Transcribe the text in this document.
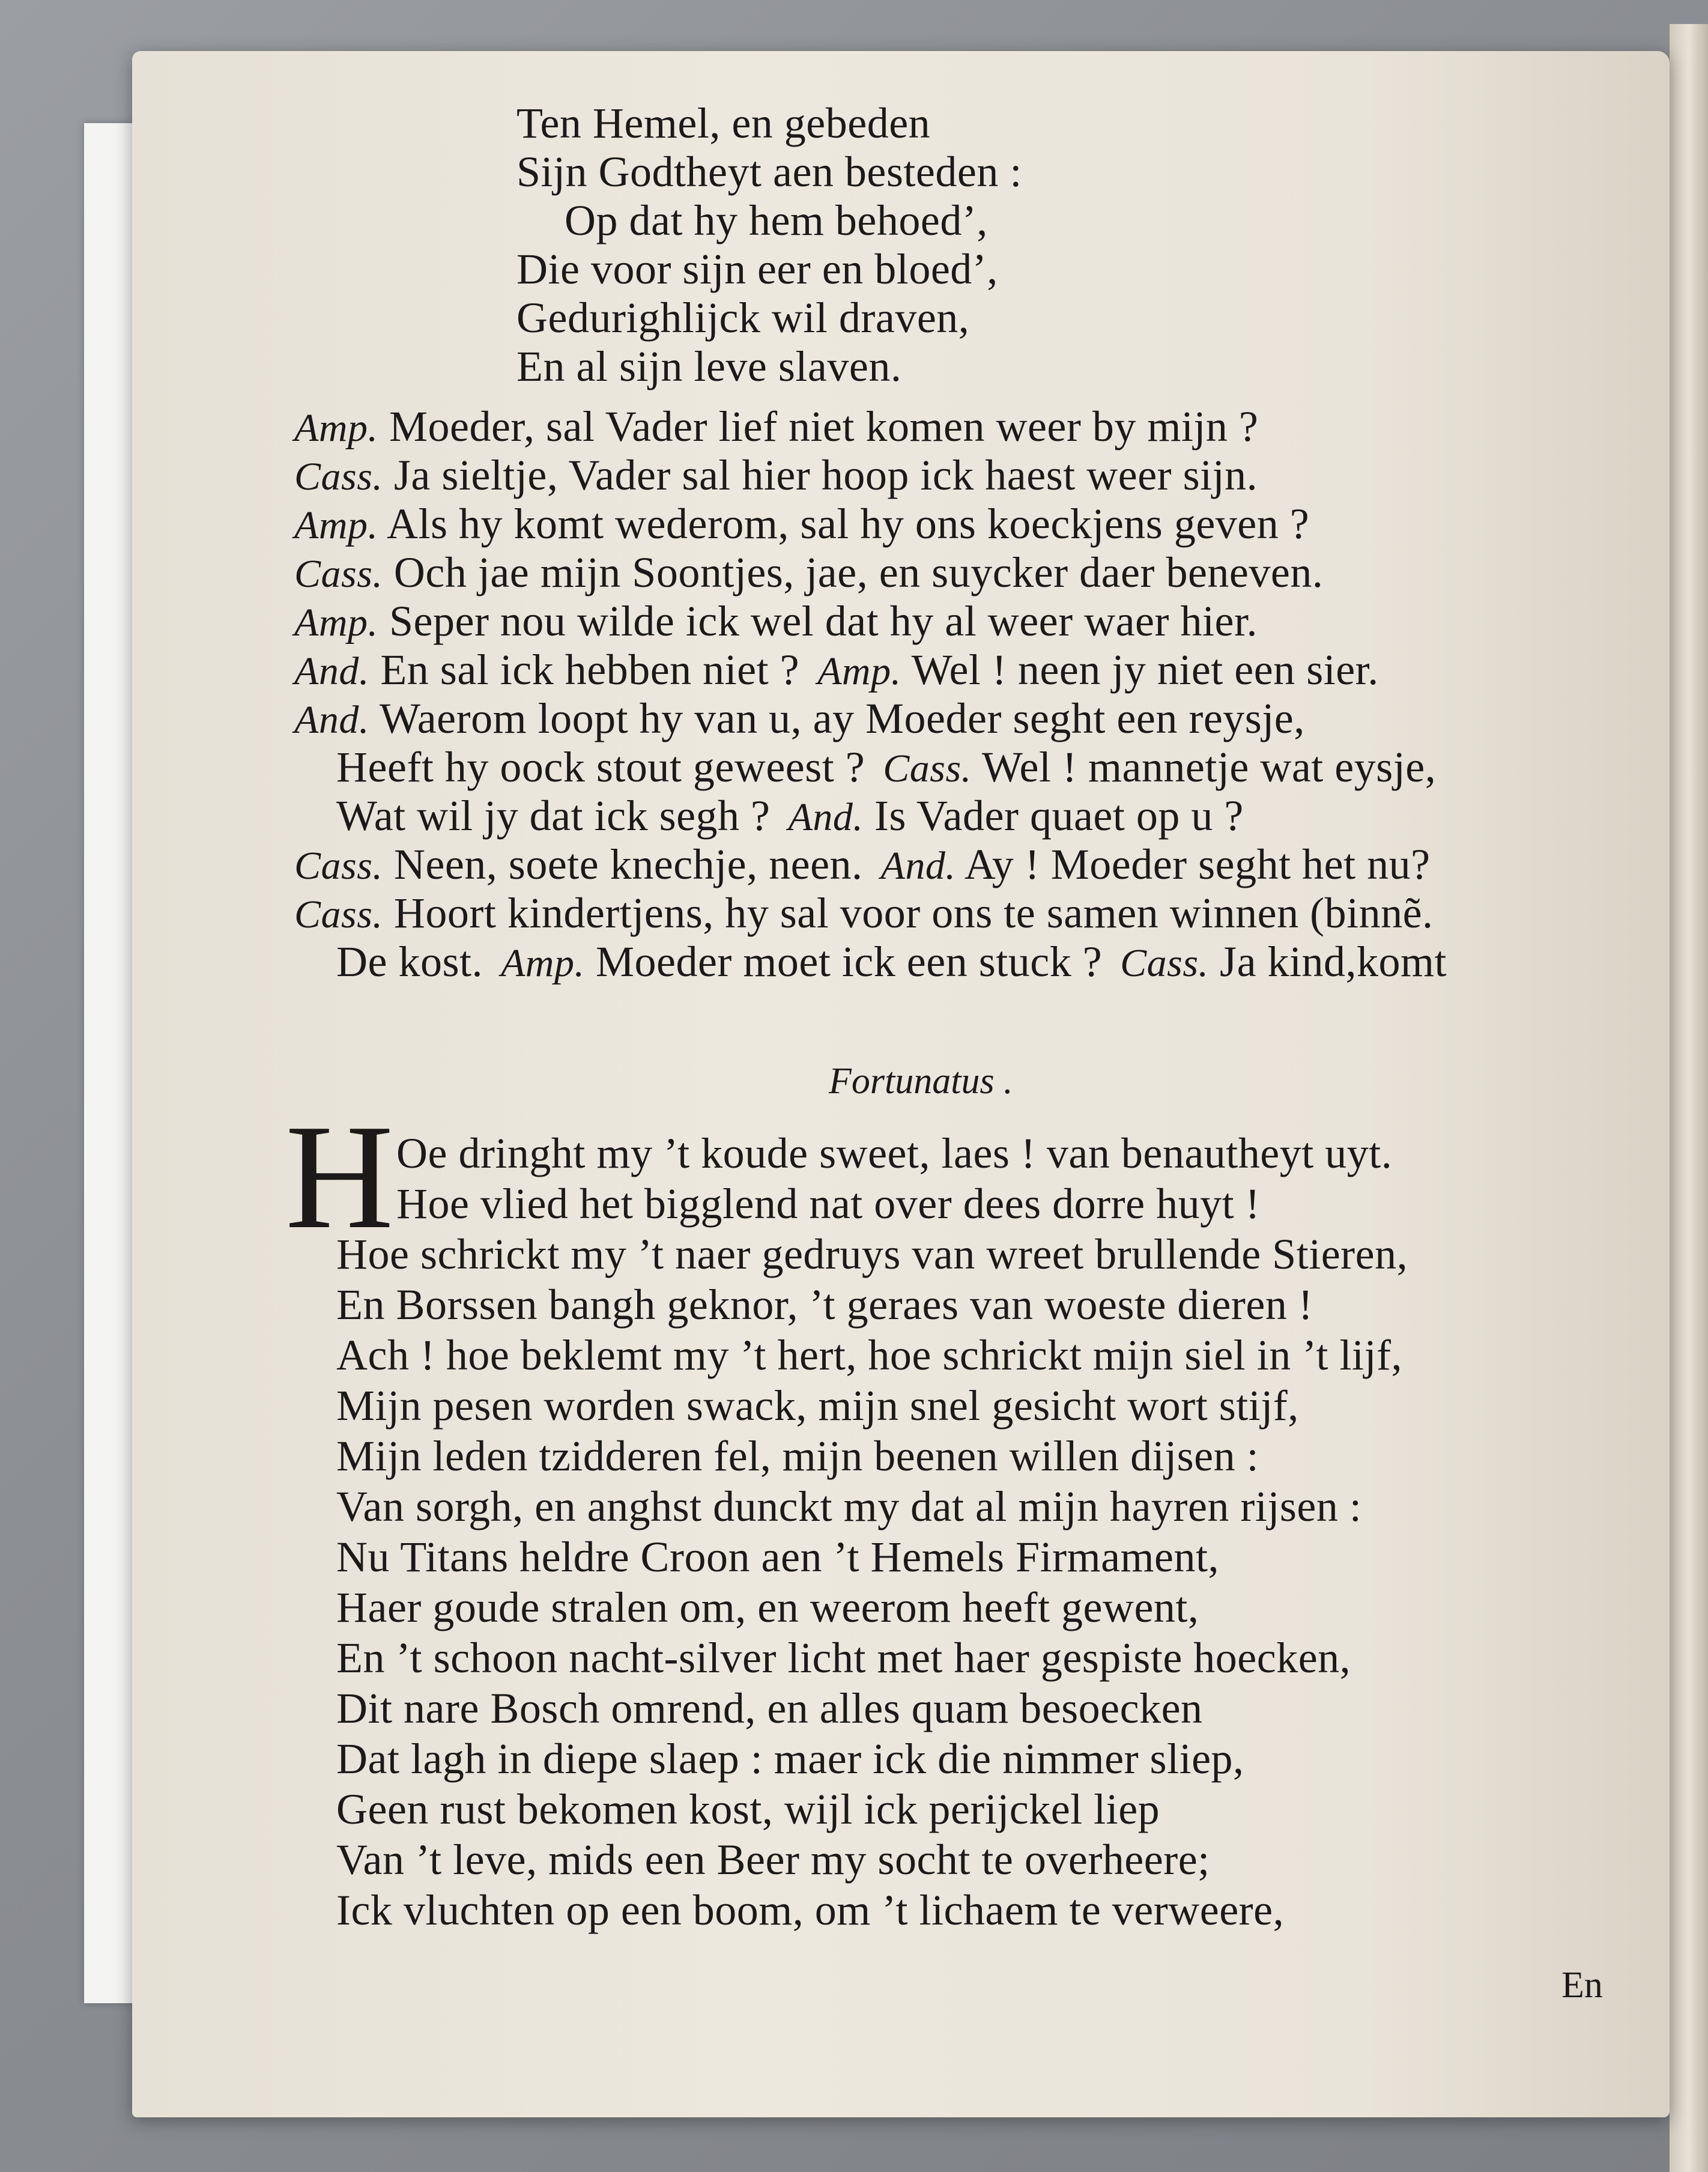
Fortunatus .
H
En
Ten Hemel, en gebeden
Sijn Godtheyt aen besteden :
Op dat hy hem behoed’,
Die voor sijn eer en bloed’,
Gedurighlijck wil draven,
En al sijn leve slaven.
Amp. Moeder, sal Vader lief niet komen weer by mijn ?
Cass. Ja sieltje, Vader sal hier hoop ick haest weer sijn.
Amp. Als hy komt wederom, sal hy ons koeckjens geven ?
Cass. Och jae mijn Soontjes, jae, en suycker daer beneven.
Amp. Seper nou wilde ick wel dat hy al weer waer hier.
And. En sal ick hebben niet ? Amp. Wel ! neen jy niet een sier.
And. Waerom loopt hy van u, ay Moeder seght een reysje,
Heeft hy oock stout geweest ? Cass. Wel ! mannetje wat eysje,
Wat wil jy dat ick segh ? And. Is Vader quaet op u ?
Cass. Neen, soete knechje, neen. And. Ay ! Moeder seght het nu?
Cass. Hoort kindertjens, hy sal voor ons te samen winnen (binnẽ.
De kost. Amp. Moeder moet ick een stuck ? Cass. Ja kind,komt
Oe dringht my ’t koude sweet, laes ! van benautheyt uyt.
Hoe vlied het bigglend nat over dees dorre huyt !
Hoe schrickt my ’t naer gedruys van wreet brullende Stieren,
En Borssen bangh geknor, ’t geraes van woeste dieren !
Ach ! hoe beklemt my ’t hert, hoe schrickt mijn siel in ’t lijf,
Mijn pesen worden swack, mijn snel gesicht wort stijf,
Mijn leden tzidderen fel, mijn beenen willen dijsen :
Van sorgh, en anghst dunckt my dat al mijn hayren rijsen :
Nu Titans heldre Croon aen ’t Hemels Firmament,
Haer goude stralen om, en weerom heeft gewent,
En ’t schoon nacht-silver licht met haer gespiste hoecken,
Dit nare Bosch omrend, en alles quam besoecken
Dat lagh in diepe slaep : maer ick die nimmer sliep,
Geen rust bekomen kost, wijl ick perijckel liep
Van ’t leve, mids een Beer my socht te overheere;
Ick vluchten op een boom, om ’t lichaem te verweere,
